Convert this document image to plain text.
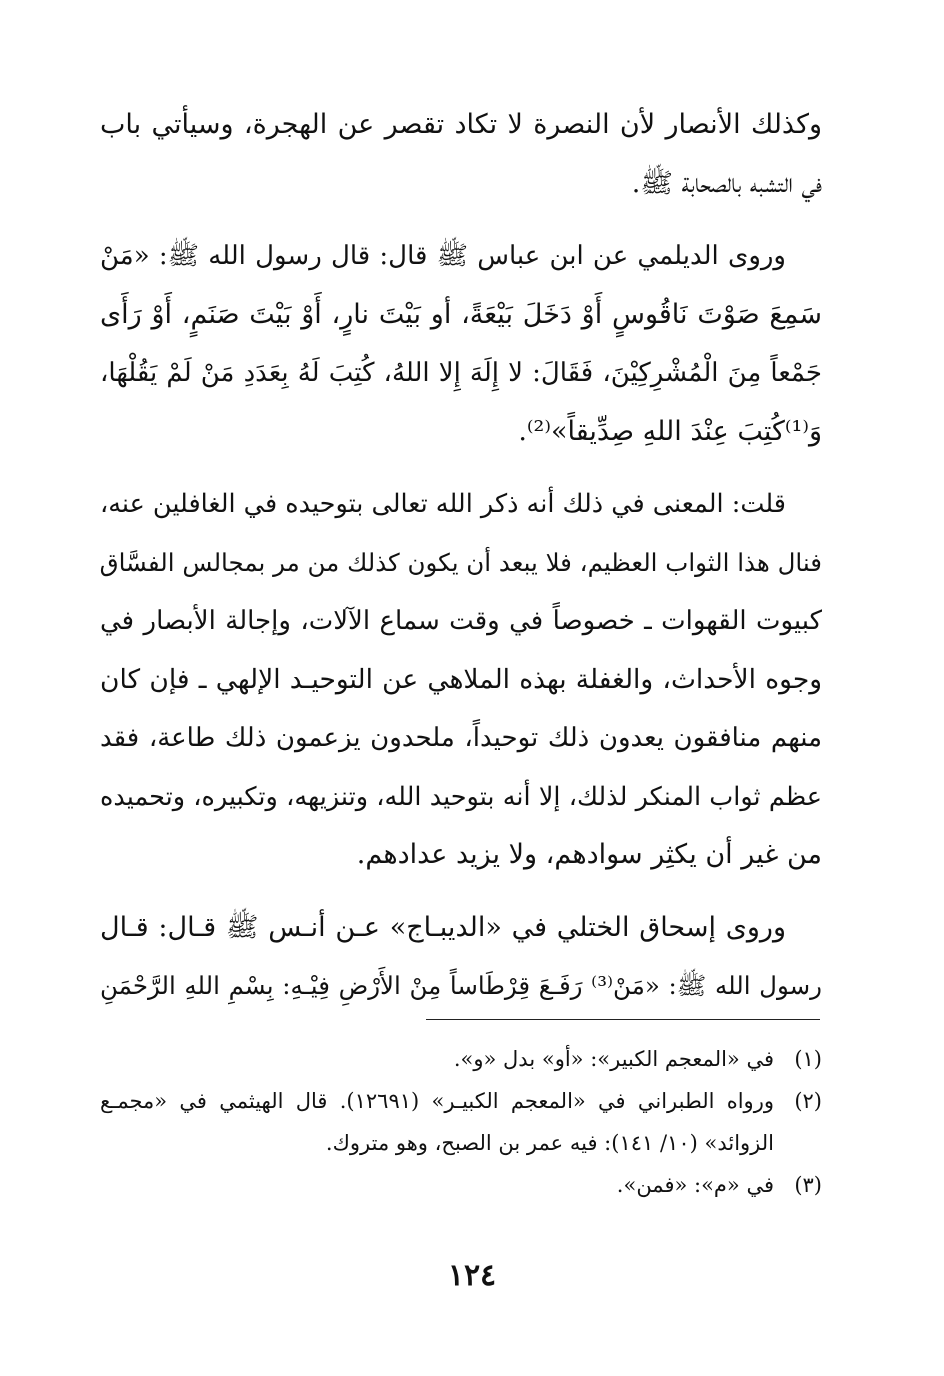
وكذلك الأنصار لأن النصرة لا تكاد تقصر عن الهجرة، وسيأتي باب
في التشبه بالصحابة ﷺ.

وروى الديلمي عن ابن عباس ﷺ قال: قال رسول الله ﷺ: «مَنْ
سَمِعَ صَوْتَ نَاقُوسٍ أَوْ دَخَلَ بَيْعَةً، أو بَيْتَ نارٍ، أَوْ بَيْتَ صَنَمٍ، أَوْ رَأَى
جَمْعاً مِنَ الْمُشْرِكِيْنَ، فَقَالَ: لا إِلَهَ إِلا اللهُ، كُتِبَ لَهُ بِعَدَدِ مَنْ لَمْ يَقُلْهَا،
وَ⁽¹⁾كُتِبَ عِنْدَ اللهِ صِدِّيقاً»⁽²⁾.

قلت: المعنى في ذلك أنه ذكر الله تعالى بتوحيده في الغافلين عنه،
فنال هذا الثواب العظيم، فلا يبعد أن يكون كذلك من مر بمجالس الفسَّاق
كبيوت القهوات ـ خصوصاً في وقت سماع الآلات، وإجالة الأبصار في
وجوه الأحداث، والغفلة بهذه الملاهي عن التوحيـد الإلهي ـ فإن كان
منهم منافقون يعدون ذلك توحيداً، ملحدون يزعمون ذلك طاعة، فقد
عظم ثواب المنكر لذلك، إلا أنه بتوحيد الله، وتنزيهه، وتكبيره، وتحميده
من غير أن يكثِر سوادهم، ولا يزيد عدادهم.

وروى إسحاق الختلي في «الديبـاج» عـن أنـس ﷺ قـال: قـال
رسول الله ﷺ: «مَنْ⁽³⁾ رَفَـعَ قِرْطَاساً مِنْ الأَرْضِ فِيْـهِ: بِسْمِ اللهِ الرَّحْمَنِ

(١)
في «المعجم الكبير»: «أو» بدل «و».
(٢)
ورواه الطبراني في «المعجم الكبيـر» (١٢٦٩١). قال الهيثمي في «مجمـع
الزوائد» (١٠/ ١٤١): فيه عمر بن الصبح، وهو متروك.
(٣)
في «م»: «فمن».
١٢٤
